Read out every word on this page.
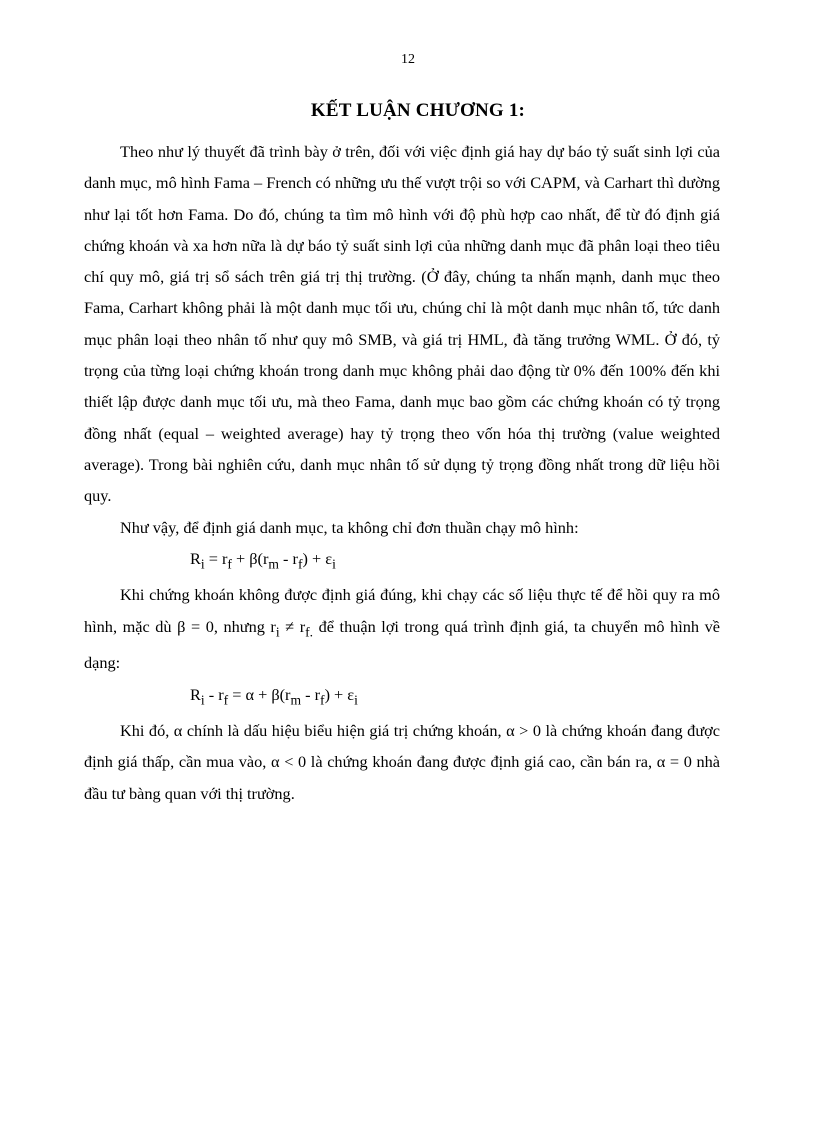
12
KẾT LUẬN CHƯƠNG 1:

Theo như lý thuyết đã trình bày ở trên, đối với việc định giá hay dự báo tỷ suất sinh lợi của danh mục, mô hình Fama – French có những ưu thế vượt trội so với CAPM, và Carhart thì dường như lại tốt hơn Fama. Do đó, chúng ta tìm mô hình với độ phù hợp cao nhất, để từ đó định giá chứng khoán và xa hơn nữa là dự báo tỷ suất sinh lợi của những danh mục đã phân loại theo tiêu chí quy mô, giá trị sổ sách trên giá trị thị trường. (Ở đây, chúng ta nhấn mạnh, danh mục theo Fama, Carhart không phải là một danh mục tối ưu, chúng chỉ là một danh mục nhân tố, tức danh mục phân loại theo nhân tố như quy mô SMB, và giá trị HML, đà tăng trưởng WML. Ở đó, tỷ trọng của từng loại chứng khoán trong danh mục không phải dao động từ 0% đến 100% đến khi thiết lập được danh mục tối ưu, mà theo Fama, danh mục bao gồm các chứng khoán có tỷ trọng đồng nhất (equal – weighted average) hay tỷ trọng theo vốn hóa thị trường (value weighted average). Trong bài nghiên cứu, danh mục nhân tố sử dụng tỷ trọng đồng nhất trong dữ liệu hồi quy.

Như vậy, để định giá danh mục, ta không chỉ đơn thuần chạy mô hình:

$R_i = r_f + \beta(r_m - r_f) + \varepsilon_i$

Khi chứng khoán không được định giá đúng, khi chạy các số liệu thực tế để hồi quy ra mô hình, mặc dù β = 0, nhưng $r_i \ne r_{f.}$ để thuận lợi trong quá trình định giá, ta chuyển mô hình về dạng:

$R_i - r_f = \alpha + \beta(r_m - r_f) + \varepsilon_i$

Khi đó, α chính là dấu hiệu biểu hiện giá trị chứng khoán, α > 0 là chứng khoán đang được định giá thấp, cần mua vào, α < 0 là chứng khoán đang được định giá cao, cần bán ra, α = 0 nhà đầu tư bàng quan với thị trường.
